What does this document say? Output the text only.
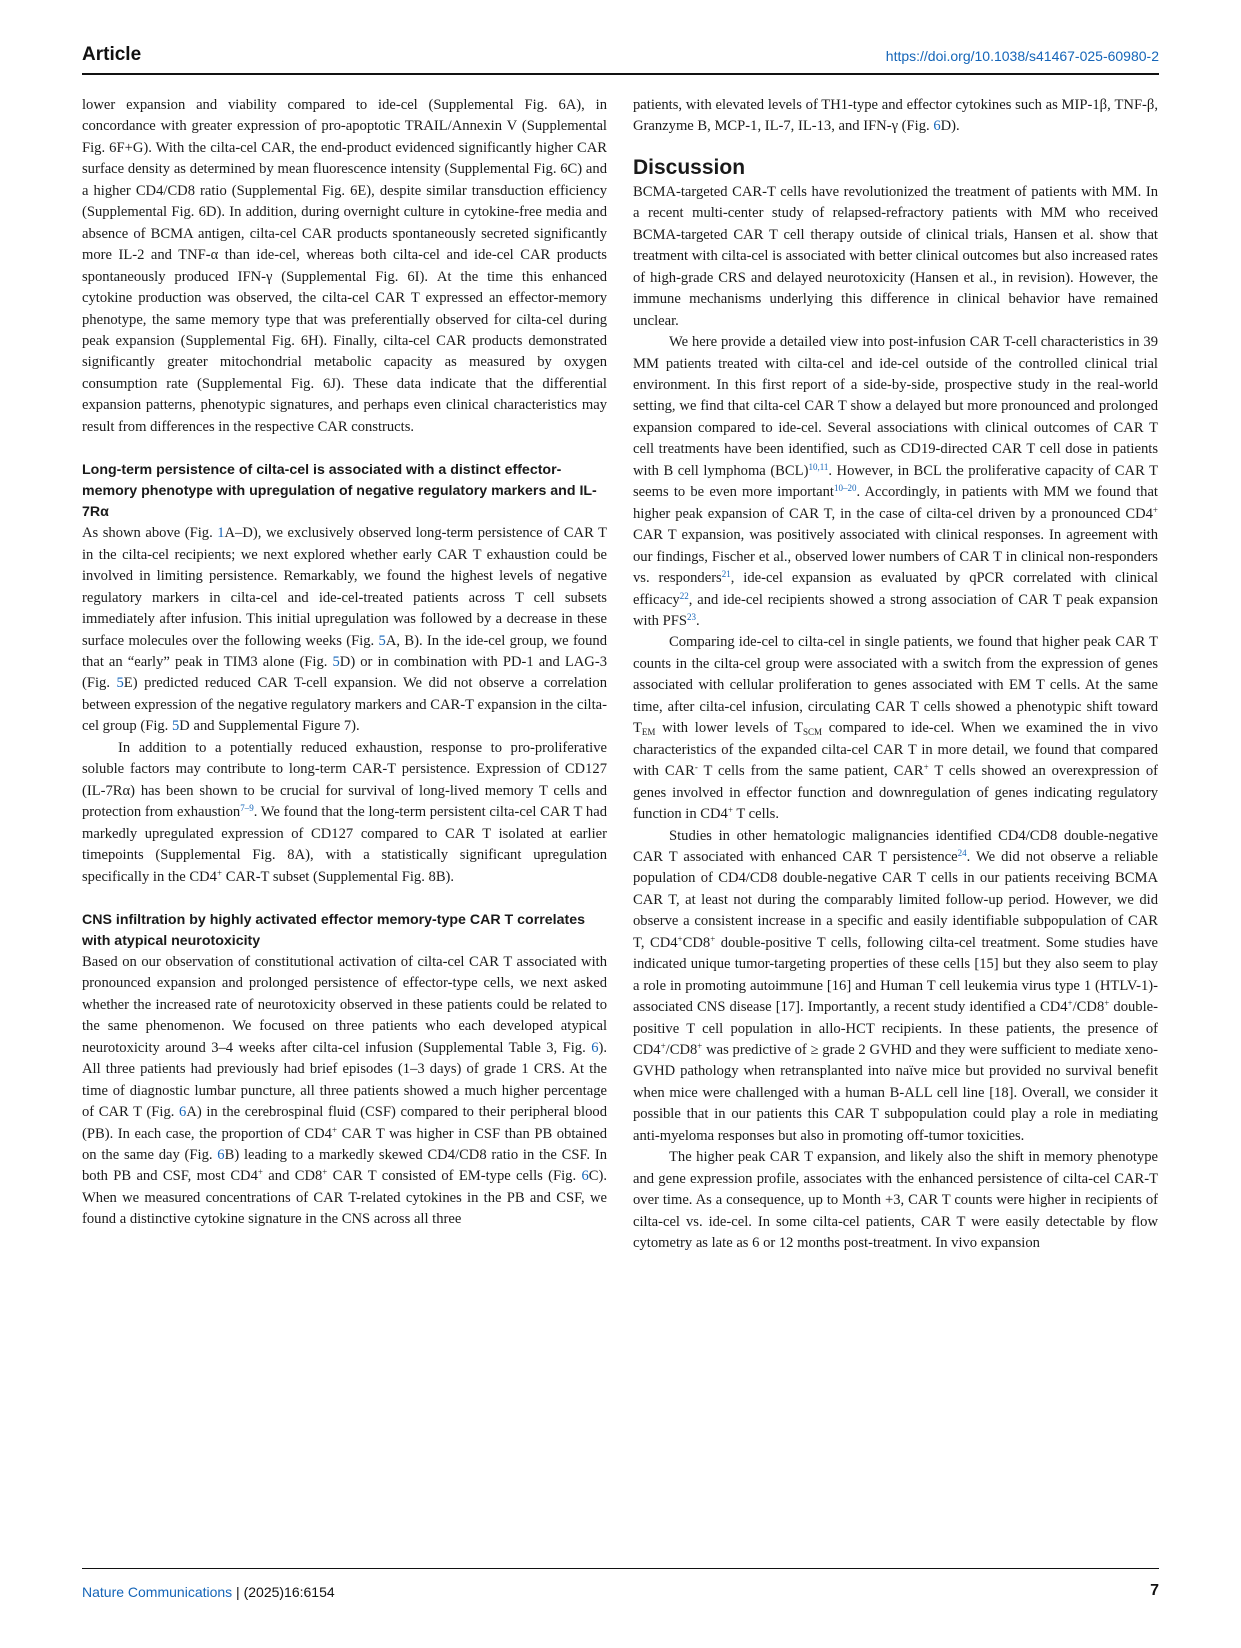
Article	https://doi.org/10.1038/s41467-025-60980-2

lower expansion and viability compared to ide-cel (Supplemental Fig. 6A), in concordance with greater expression of pro-apoptotic TRAIL/Annexin V (Supplemental Fig. 6F+G). With the cilta-cel CAR, the end-product evidenced significantly higher CAR surface density as determined by mean fluorescence intensity (Supplemental Fig. 6C) and a higher CD4/CD8 ratio (Supplemental Fig. 6E), despite similar transduction efficiency (Supplemental Fig. 6D). In addition, during overnight culture in cytokine-free media and absence of BCMA antigen, cilta-cel CAR products spontaneously secreted significantly more IL-2 and TNF-α than ide-cel, whereas both cilta-cel and ide-cel CAR products spontaneously produced IFN-γ (Supplemental Fig. 6I). At the time this enhanced cytokine production was observed, the cilta-cel CAR T expressed an effector-memory phenotype, the same memory type that was preferentially observed for cilta-cel during peak expansion (Supplemental Fig. 6H). Finally, cilta-cel CAR products demonstrated significantly greater mitochondrial metabolic capacity as measured by oxygen consumption rate (Supplemental Fig. 6J). These data indicate that the differential expansion patterns, phenotypic signatures, and perhaps even clinical characteristics may result from differences in the respective CAR constructs.

Long-term persistence of cilta-cel is associated with a distinct effector-memory phenotype with upregulation of negative regulatory markers and IL-7Rα

As shown above (Fig. 1A–D), we exclusively observed long-term persistence of CAR T in the cilta-cel recipients; we next explored whether early CAR T exhaustion could be involved in limiting persistence. Remarkably, we found the highest levels of negative regulatory markers in cilta-cel and ide-cel-treated patients across T cell subsets immediately after infusion. This initial upregulation was followed by a decrease in these surface molecules over the following weeks (Fig. 5A, B). In the ide-cel group, we found that an “early” peak in TIM3 alone (Fig. 5D) or in combination with PD-1 and LAG-3 (Fig. 5E) predicted reduced CAR T-cell expansion. We did not observe a correlation between expression of the negative regulatory markers and CAR-T expansion in the cilta-cel group (Fig. 5D and Supplemental Figure 7).

In addition to a potentially reduced exhaustion, response to pro-proliferative soluble factors may contribute to long-term CAR-T persistence. Expression of CD127 (IL-7Rα) has been shown to be crucial for survival of long-lived memory T cells and protection from exhaustion$^{7-9}$. We found that the long-term persistent cilta-cel CAR T had markedly upregulated expression of CD127 compared to CAR T isolated at earlier timepoints (Supplemental Fig. 8A), with a statistically significant upregulation specifically in the CD4+ CAR-T subset (Supplemental Fig. 8B).

CNS infiltration by highly activated effector memory-type CAR T correlates with atypical neurotoxicity

Based on our observation of constitutional activation of cilta-cel CAR T associated with pronounced expansion and prolonged persistence of effector-type cells, we next asked whether the increased rate of neurotoxicity observed in these patients could be related to the same phenomenon. We focused on three patients who each developed atypical neurotoxicity around 3–4 weeks after cilta-cel infusion (Supplemental Table 3, Fig. 6). All three patients had previously had brief episodes (1–3 days) of grade 1 CRS. At the time of diagnostic lumbar puncture, all three patients showed a much higher percentage of CAR T (Fig. 6A) in the cerebrospinal fluid (CSF) compared to their peripheral blood (PB). In each case, the proportion of CD4+ CAR T was higher in CSF than PB obtained on the same day (Fig. 6B) leading to a markedly skewed CD4/CD8 ratio in the CSF. In both PB and CSF, most CD4+ and CD8+ CAR T consisted of EM-type cells (Fig. 6C). When we measured concentrations of CAR T-related cytokines in the PB and CSF, we found a distinctive cytokine signature in the CNS across all three

patients, with elevated levels of TH1-type and effector cytokines such as MIP-1β, TNF-β, Granzyme B, MCP-1, IL-7, IL-13, and IFN-γ (Fig. 6D).

Discussion

BCMA-targeted CAR-T cells have revolutionized the treatment of patients with MM. In a recent multi-center study of relapsed-refractory patients with MM who received BCMA-targeted CAR T cell therapy outside of clinical trials, Hansen et al. show that treatment with cilta-cel is associated with better clinical outcomes but also increased rates of high-grade CRS and delayed neurotoxicity (Hansen et al., in revision). However, the immune mechanisms underlying this difference in clinical behavior have remained unclear.

We here provide a detailed view into post-infusion CAR T-cell characteristics in 39 MM patients treated with cilta-cel and ide-cel outside of the controlled clinical trial environment. In this first report of a side-by-side, prospective study in the real-world setting, we find that cilta-cel CAR T show a delayed but more pronounced and prolonged expansion compared to ide-cel. Several associations with clinical outcomes of CAR T cell treatments have been identified, such as CD19-directed CAR T cell dose in patients with B cell lymphoma (BCL)$^{10,11}$. However, in BCL the proliferative capacity of CAR T seems to be even more important$^{10-20}$. Accordingly, in patients with MM we found that higher peak expansion of CAR T, in the case of cilta-cel driven by a pronounced CD4+ CAR T expansion, was positively associated with clinical responses. In agreement with our findings, Fischer et al., observed lower numbers of CAR T in clinical non-responders vs. responders$^{21}$, ide-cel expansion as evaluated by qPCR correlated with clinical efficacy$^{22}$, and ide-cel recipients showed a strong association of CAR T peak expansion with PFS$^{23}$.

Comparing ide-cel to cilta-cel in single patients, we found that higher peak CAR T counts in the cilta-cel group were associated with a switch from the expression of genes associated with cellular proliferation to genes associated with EM T cells. At the same time, after cilta-cel infusion, circulating CAR T cells showed a phenotypic shift toward $T_{EM}$ with lower levels of $T_{SCM}$ compared to ide-cel. When we examined the in vivo characteristics of the expanded cilta-cel CAR T in more detail, we found that compared with CAR- T cells from the same patient, CAR+ T cells showed an overexpression of genes involved in effector function and downregulation of genes indicating regulatory function in CD4+ T cells.

Studies in other hematologic malignancies identified CD4/CD8 double-negative CAR T associated with enhanced CAR T persistence$^{24}$. We did not observe a reliable population of CD4/CD8 double-negative CAR T cells in our patients receiving BCMA CAR T, at least not during the comparably limited follow-up period. However, we did observe a consistent increase in a specific and easily identifiable subpopulation of CAR T, CD4+CD8+ double-positive T cells, following cilta-cel treatment. Some studies have indicated unique tumor-targeting properties of these cells [15] but they also seem to play a role in promoting autoimmune [16] and Human T cell leukemia virus type 1 (HTLV-1)-associated CNS disease [17]. Importantly, a recent study identified a CD4+/CD8+ double-positive T cell population in allo-HCT recipients. In these patients, the presence of CD4+/CD8+ was predictive of ≥ grade 2 GVHD and they were sufficient to mediate xeno-GVHD pathology when retransplanted into naïve mice but provided no survival benefit when mice were challenged with a human B-ALL cell line [18]. Overall, we consider it possible that in our patients this CAR T subpopulation could play a role in mediating anti-myeloma responses but also in promoting off-tumor toxicities.

The higher peak CAR T expansion, and likely also the shift in memory phenotype and gene expression profile, associates with the enhanced persistence of cilta-cel CAR-T over time. As a consequence, up to Month +3, CAR T counts were higher in recipients of cilta-cel vs. ide-cel. In some cilta-cel patients, CAR T were easily detectable by flow cytometry as late as 6 or 12 months post-treatment. In vivo expansion

Nature Communications | (2025)16:6154	7
